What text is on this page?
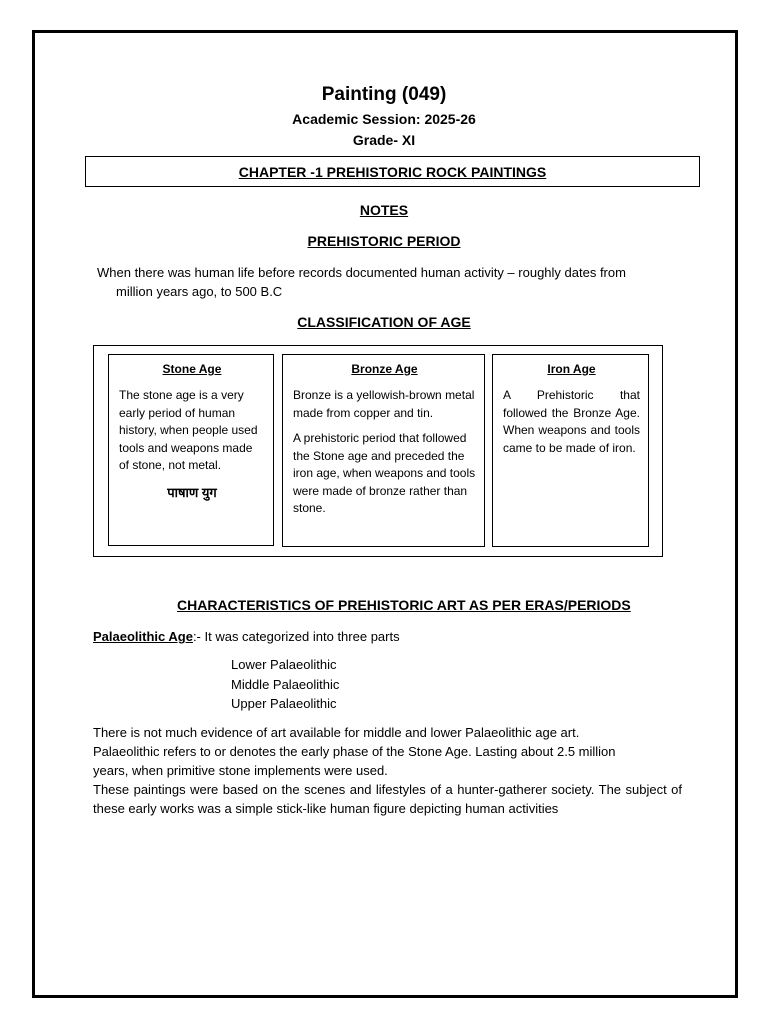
Painting (049)
Academic Session: 2025-26
Grade- XI
CHAPTER -1 PREHISTORIC ROCK PAINTINGS
NOTES
PREHISTORIC PERIOD
When there was human life before records documented human activity – roughly dates from
million years ago, to 500 B.C
CLASSIFICATION OF AGE
Stone Age

The stone age is a very early period of human history, when people used tools and weapons made of stone, not metal.

पाषाण युग
Bronze Age

Bronze is a yellowish-brown metal made from copper and tin.

A prehistoric period that followed the Stone age and preceded the iron age, when weapons and tools were made of bronze rather than stone.

Iron Age

A Prehistoric that followed the Bronze Age. When weapons and tools came to be made of iron.

CHARACTERISTICS OF PREHISTORIC ART AS PER ERAS/PERIODS
Palaeolithic Age:- It was categorized into three parts
Lower Palaeolithic
Middle Palaeolithic
Upper Palaeolithic
There is not much evidence of art available for middle and lower Palaeolithic age art.
Palaeolithic refers to or denotes the early phase of the Stone Age. Lasting about 2.5 million
years, when primitive stone implements were used.
These paintings were based on the scenes and lifestyles of a hunter-gatherer society. The subject of these early works was a simple stick-like human figure depicting human activities
